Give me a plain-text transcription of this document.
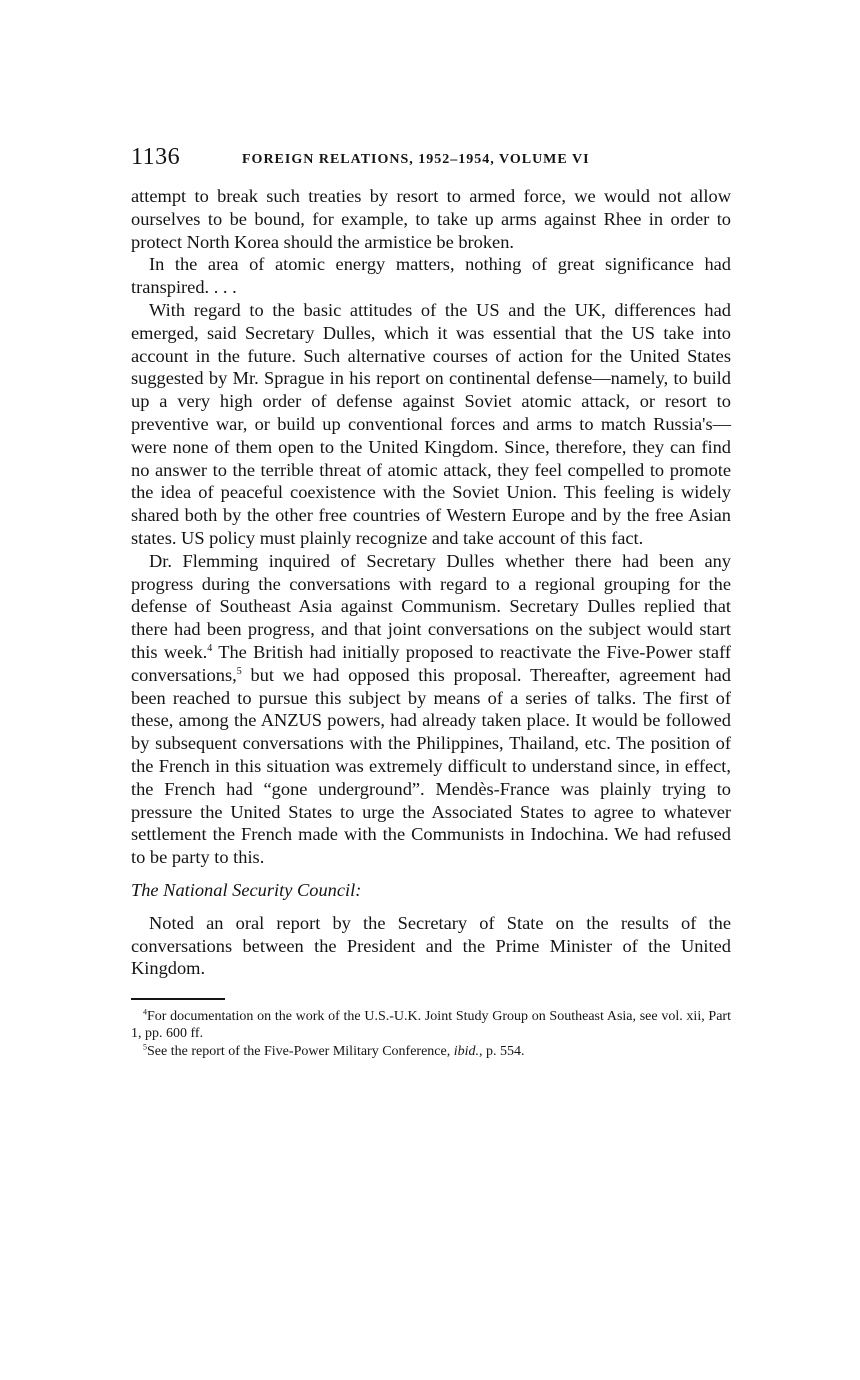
1136	FOREIGN RELATIONS, 1952–1954, VOLUME VI

attempt to break such treaties by resort to armed force, we would not allow ourselves to be bound, for example, to take up arms against Rhee in order to protect North Korea should the armistice be broken.

In the area of atomic energy matters, nothing of great significance had transpired. . . .

With regard to the basic attitudes of the US and the UK, differences had emerged, said Secretary Dulles, which it was essential that the US take into account in the future. Such alternative courses of action for the United States suggested by Mr. Sprague in his report on continental defense—namely, to build up a very high order of defense against Soviet atomic attack, or resort to preventive war, or build up conventional forces and arms to match Russia's—were none of them open to the United Kingdom. Since, therefore, they can find no answer to the terrible threat of atomic attack, they feel compelled to promote the idea of peaceful coexistence with the Soviet Union. This feeling is widely shared both by the other free countries of Western Europe and by the free Asian states. US policy must plainly recognize and take account of this fact.

Dr. Flemming inquired of Secretary Dulles whether there had been any progress during the conversations with regard to a regional grouping for the defense of Southeast Asia against Communism. Secretary Dulles replied that there had been progress, and that joint conversations on the subject would start this week.$^4$ The British had initially proposed to reactivate the Five-Power staff conversations,$^5$ but we had opposed this proposal. Thereafter, agreement had been reached to pursue this subject by means of a series of talks. The first of these, among the ANZUS powers, had already taken place. It would be followed by subsequent conversations with the Philippines, Thailand, etc. The position of the French in this situation was extremely difficult to understand since, in effect, the French had “gone underground”. Mendès-France was plainly trying to pressure the United States to urge the Associated States to agree to whatever settlement the French made with the Communists in Indochina. We had refused to be party to this.

The National Security Council:

Noted an oral report by the Secretary of State on the results of the conversations between the President and the Prime Minister of the United Kingdom.

$^4$For documentation on the work of the U.S.-U.K. Joint Study Group on Southeast Asia, see vol. xii, Part 1, pp. 600 ff.

$^5$See the report of the Five-Power Military Conference, ibid., p. 554.
